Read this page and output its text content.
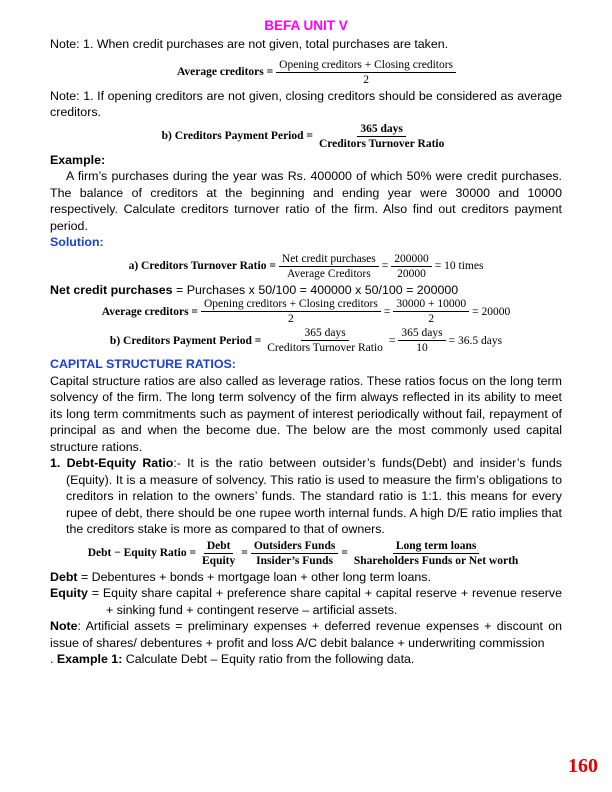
BEFA UNIT V

Note: 1. When credit purchases are not given, total purchases are taken.

Average creditors = $\frac{\text{Opening creditors + Closing creditors}}{2}$

Note: 1. If opening creditors are not given, closing creditors should be considered as average creditors.

b) Creditors Payment Period = $\frac{\text{365 days}}{\text{Creditors Turnover Ratio}}$

Example:

A firm’s purchases during the year was Rs. 400000 of which 50% were credit purchases. The balance of creditors at the beginning and ending year were 30000 and 10000 respectively. Calculate creditors turnover ratio of the firm. Also find out creditors payment period.

Solution:

a) Creditors Turnover Ratio = $\frac{\text{Net credit purchases}}{\text{Average Creditors}} = \frac{200000}{20000} = 10$ times

Net credit purchases = Purchases x 50/100 = 400000 x 50/100 = 200000

Average creditors = $\frac{\text{Opening creditors + Closing creditors}}{2} = \frac{30000 + 10000}{2} = 20000$
b) Creditors Payment Period = $\frac{\text{365 days}}{\text{Creditors Turnover Ratio}} = \frac{\text{365 days}}{10} = 36.5$ days

CAPITAL STRUCTURE RATIOS:

Capital structure ratios are also called as leverage ratios. These ratios focus on the long term solvency of the firm. The long term solvency of the firm always reflected in its ability to meet its long term commitments such as payment of interest periodically without fail, repayment of principal as and when the become due. The below are the most commonly used capital structure rations.

1. Debt-Equity Ratio:- It is the ratio between outsider’s funds(Debt) and insider’s funds (Equity). It is a measure of solvency. This ratio is used to measure the firm’s obligations to creditors in relation to the owners’ funds. The standard ratio is 1:1. this means for every rupee of debt, there should be one rupee worth internal funds. A high D/E ratio implies that the creditors stake is more as compared to that of owners.

Debt − Equity Ratio = $\frac{\text{Debt}}{\text{Equity}} = \frac{\text{Outsiders Funds}}{\text{Insider’s Funds}} = \frac{\text{Long term loans}}{\text{Shareholders Funds or Net worth}}$

Debt = Debentures + bonds + mortgage loan + other long term loans.

Equity = Equity share capital + preference share capital + capital reserve + revenue reserve + sinking fund + contingent reserve – artificial assets.

Note: Artificial assets = preliminary expenses + deferred revenue expenses + discount on issue of shares/ debentures + profit and loss A/C debit balance + underwriting commission

. Example 1: Calculate Debt – Equity ratio from the following data.

160
